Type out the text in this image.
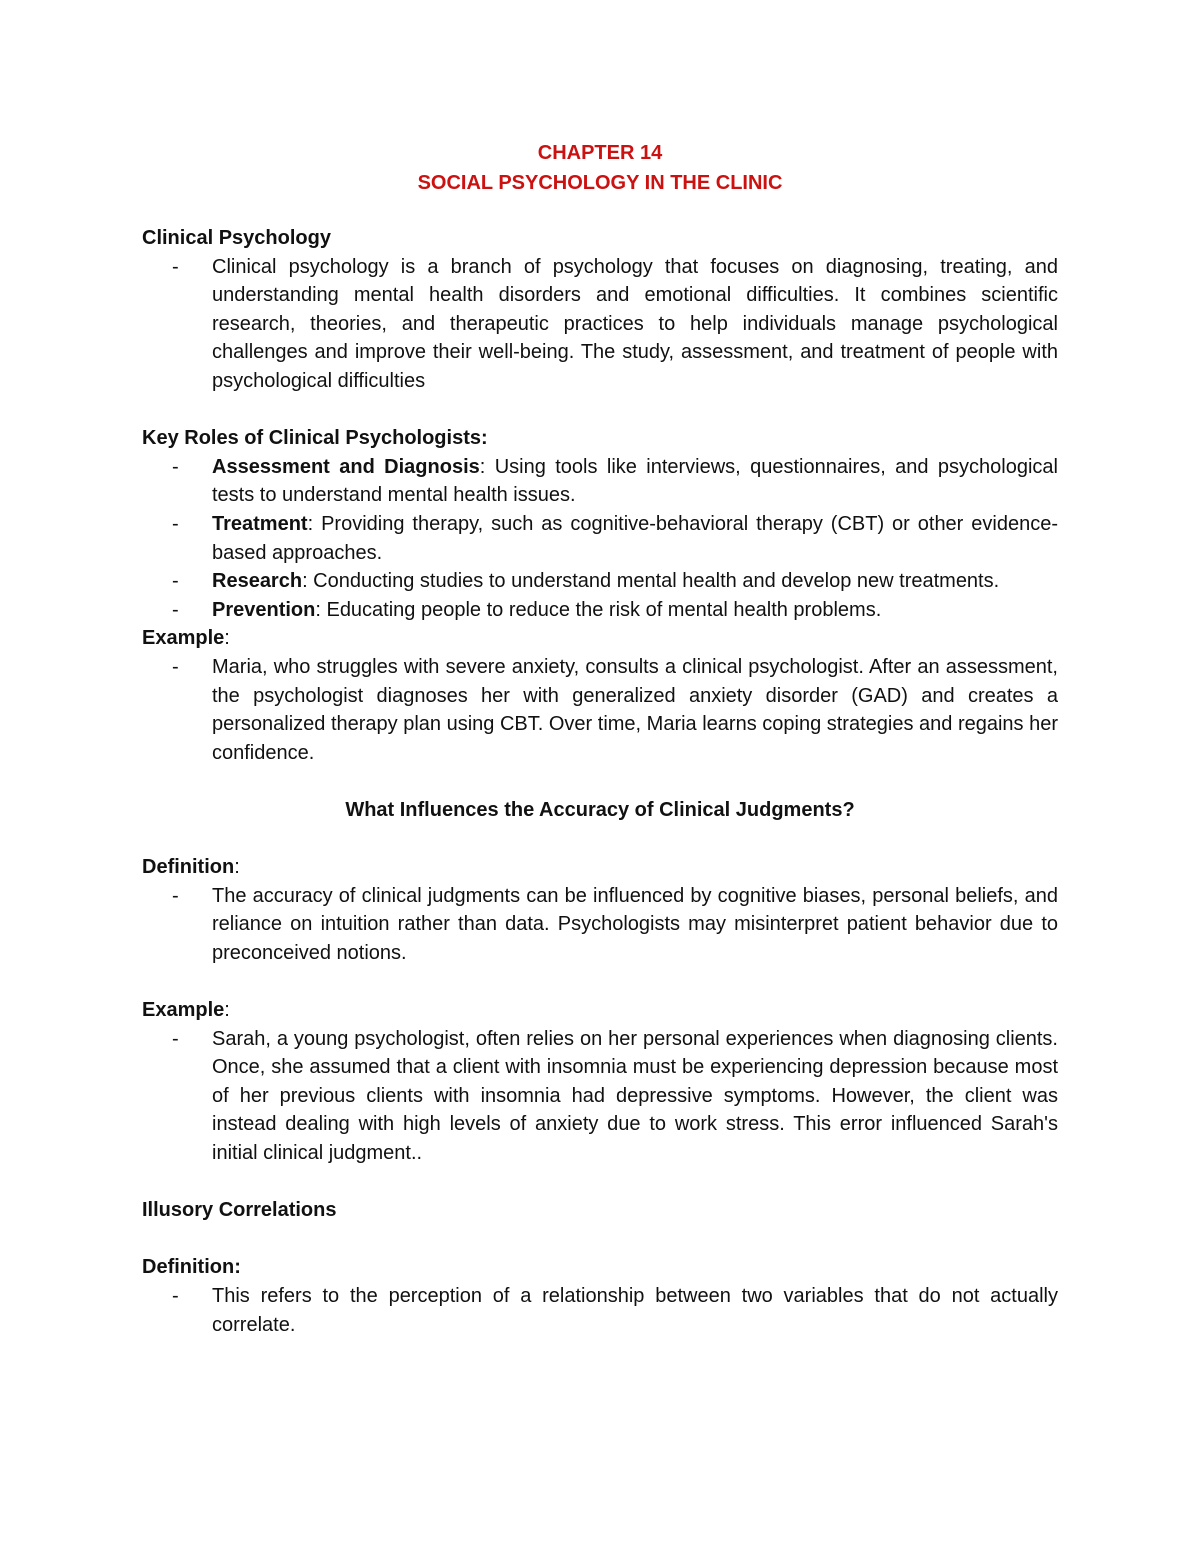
CHAPTER 14
SOCIAL PSYCHOLOGY IN THE CLINIC
Clinical Psychology
- Clinical psychology is a branch of psychology that focuses on diagnosing, treating, and understanding mental health disorders and emotional difficulties. It combines scientific research, theories, and therapeutic practices to help individuals manage psychological challenges and improve their well-being. The study, assessment, and treatment of people with psychological difficulties
Key Roles of Clinical Psychologists:
- Assessment and Diagnosis: Using tools like interviews, questionnaires, and psychological tests to understand mental health issues.
- Treatment: Providing therapy, such as cognitive-behavioral therapy (CBT) or other evidence-based approaches.
- Research: Conducting studies to understand mental health and develop new treatments.
- Prevention: Educating people to reduce the risk of mental health problems.
Example:
- Maria, who struggles with severe anxiety, consults a clinical psychologist. After an assessment, the psychologist diagnoses her with generalized anxiety disorder (GAD) and creates a personalized therapy plan using CBT. Over time, Maria learns coping strategies and regains her confidence.
What Influences the Accuracy of Clinical Judgments?
Definition:
- The accuracy of clinical judgments can be influenced by cognitive biases, personal beliefs, and reliance on intuition rather than data. Psychologists may misinterpret patient behavior due to preconceived notions.
Example:
- Sarah, a young psychologist, often relies on her personal experiences when diagnosing clients. Once, she assumed that a client with insomnia must be experiencing depression because most of her previous clients with insomnia had depressive symptoms. However, the client was instead dealing with high levels of anxiety due to work stress. This error influenced Sarah's initial clinical judgment..
Illusory Correlations
Definition:
- This refers to the perception of a relationship between two variables that do not actually correlate.
